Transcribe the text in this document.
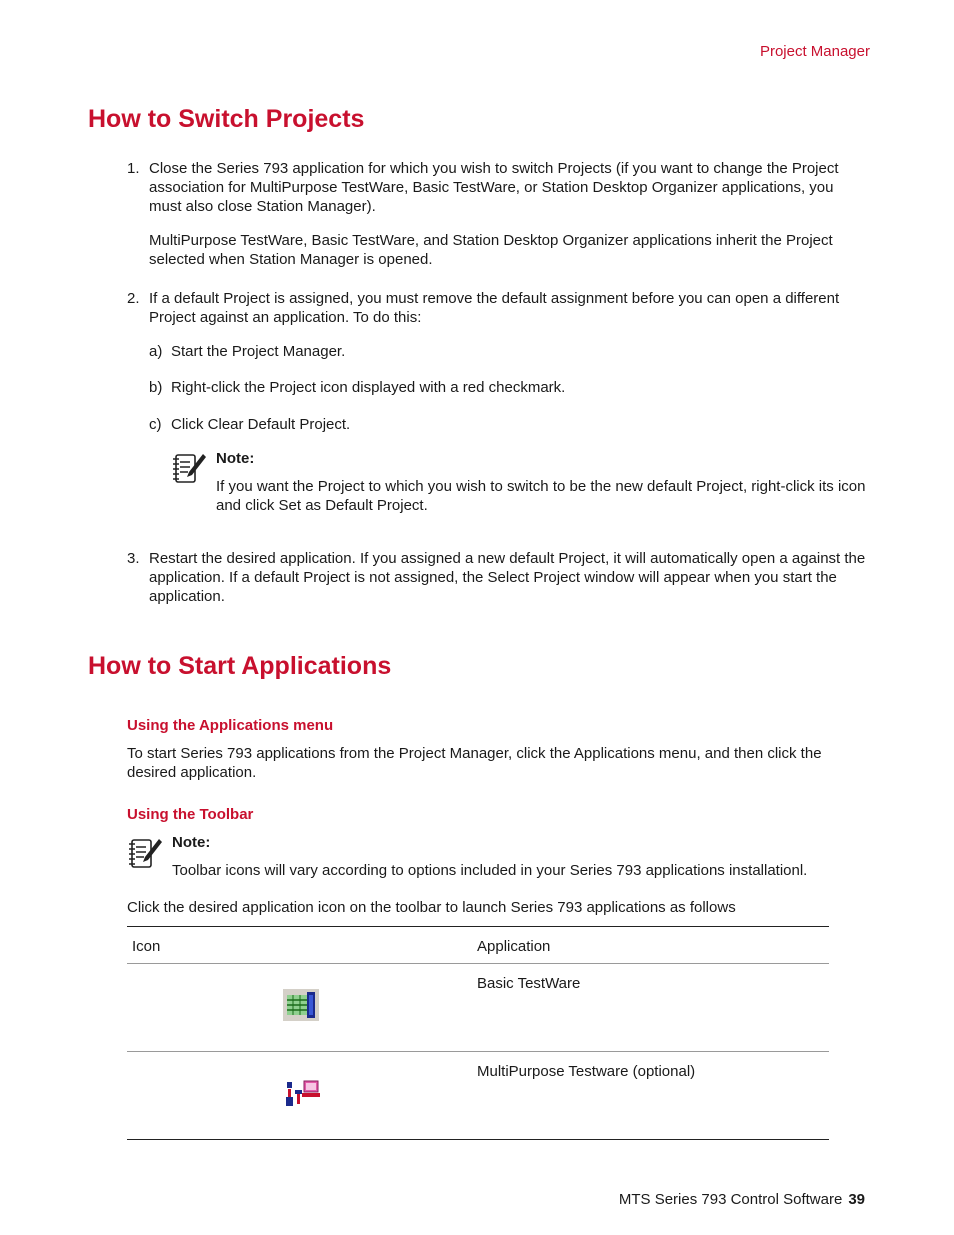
Project Manager
How to Switch Projects
1. Close the Series 793 application for which you wish to switch Projects (if you want to change the Project association for MultiPurpose TestWare, Basic TestWare, or Station Desktop Organizer applications, you must also close Station Manager).
MultiPurpose TestWare, Basic TestWare, and Station Desktop Organizer applications inherit the Project selected when Station Manager is opened.
2. If a default Project is assigned, you must remove the default assignment before you can open a different Project against an application. To do this:
a) Start the Project Manager.
b) Right-click the Project icon displayed with a red checkmark.
c) Click Clear Default Project.
Note:
If you want the Project to which you wish to switch to be the new default Project, right-click its icon and click Set as Default Project.
3. Restart the desired application. If you assigned a new default Project, it will automatically open a against the application. If a default Project is not assigned, the Select Project window will appear when you start the application.
How to Start Applications
Using the Applications menu
To start Series 793 applications from the Project Manager, click the Applications menu, and then click the desired application.
Using the Toolbar
Note:
Toolbar icons will vary according to options included in your Series 793 applications installationl.
Click the desired application icon on the toolbar to launch Series 793 applications as follows
Icon	Application
Basic TestWare
MultiPurpose Testware (optional)
MTS Series 793 Control Software 39
